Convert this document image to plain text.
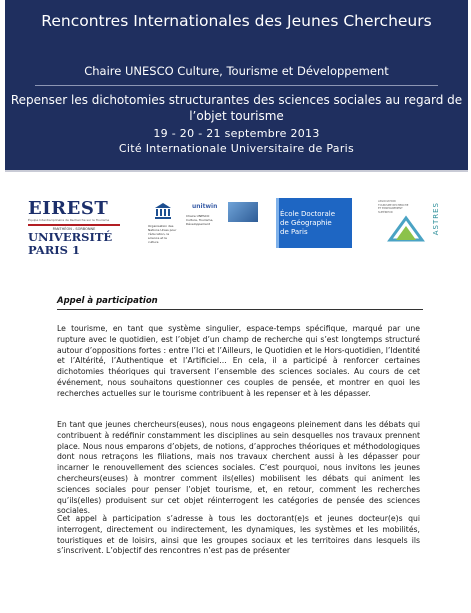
Rencontres Internationales des Jeunes Chercheurs
Chaire UNESCO Culture, Tourisme et Développement
Repenser les dichotomies structurantes des sciences sociales au regard de l’objet tourisme
19 - 20 - 21 septembre 2013
Cité Internationale Universitaire de Paris
EIREST
Équipe Interdisciplinaire de Recherche sur le Tourisme
PANTHÉON - SORBONNE
UNIVERSITÉ PARIS 1
Organisation des Nations Unies pour l'éducation, la science et la culture
Chaire UNESCO Culture, Tourisme, Développement
unitwin
École Doctorale
de Géographie
de Paris
ASSOCIATION TOURISME RECHERCHE ET ENSEIGNEMENT SUPÉRIEUR	ASTRES
Appel à participation

Le tourisme, en tant que système singulier, espace-temps spécifique, marqué par une rupture avec le quotidien, est l’objet d’un champ de recherche qui s’est longtemps structuré autour d’oppositions fortes : entre l’Ici et l’Ailleurs, le Quotidien et le Hors-quotidien, l’Identité et l’Altérité, l’Authentique et l’Artificiel… En cela, il a participé à renforcer certaines dichotomies théoriques qui traversent l’ensemble des sciences sociales. Au cours de cet événement, nous souhaitons questionner ces couples de pensée, et montrer en quoi les recherches actuelles sur le tourisme contribuent à les repenser et à les dépasser.

En tant que jeunes chercheurs(euses), nous nous engageons pleinement dans les débats qui contribuent à redéfinir constamment les disciplines au sein desquelles nos travaux prennent place. Nous nous emparons d’objets, de notions, d’approches théoriques et méthodologiques dont nous retraçons les filiations, mais nos travaux cherchent aussi à les dépasser pour incarner le renouvellement des sciences sociales. C’est pourquoi, nous invitons les jeunes chercheurs(euses) à montrer comment ils(elles) mobilisent les débats qui animent les sciences sociales pour penser l’objet tourisme, et, en retour, comment les recherches qu’ils(elles) produisent sur cet objet réinterrogent les catégories de pensée des sciences sociales.

Cet appel à participation s’adresse à tous les doctorant(e)s et jeunes docteur(e)s qui interrogent, directement ou indirectement, les dynamiques, les systèmes et les mobilités, touristiques et de loisirs, ainsi que les groupes sociaux et les territoires dans lesquels ils s’inscrivent. L’objectif des rencontres n’est pas de présenter
